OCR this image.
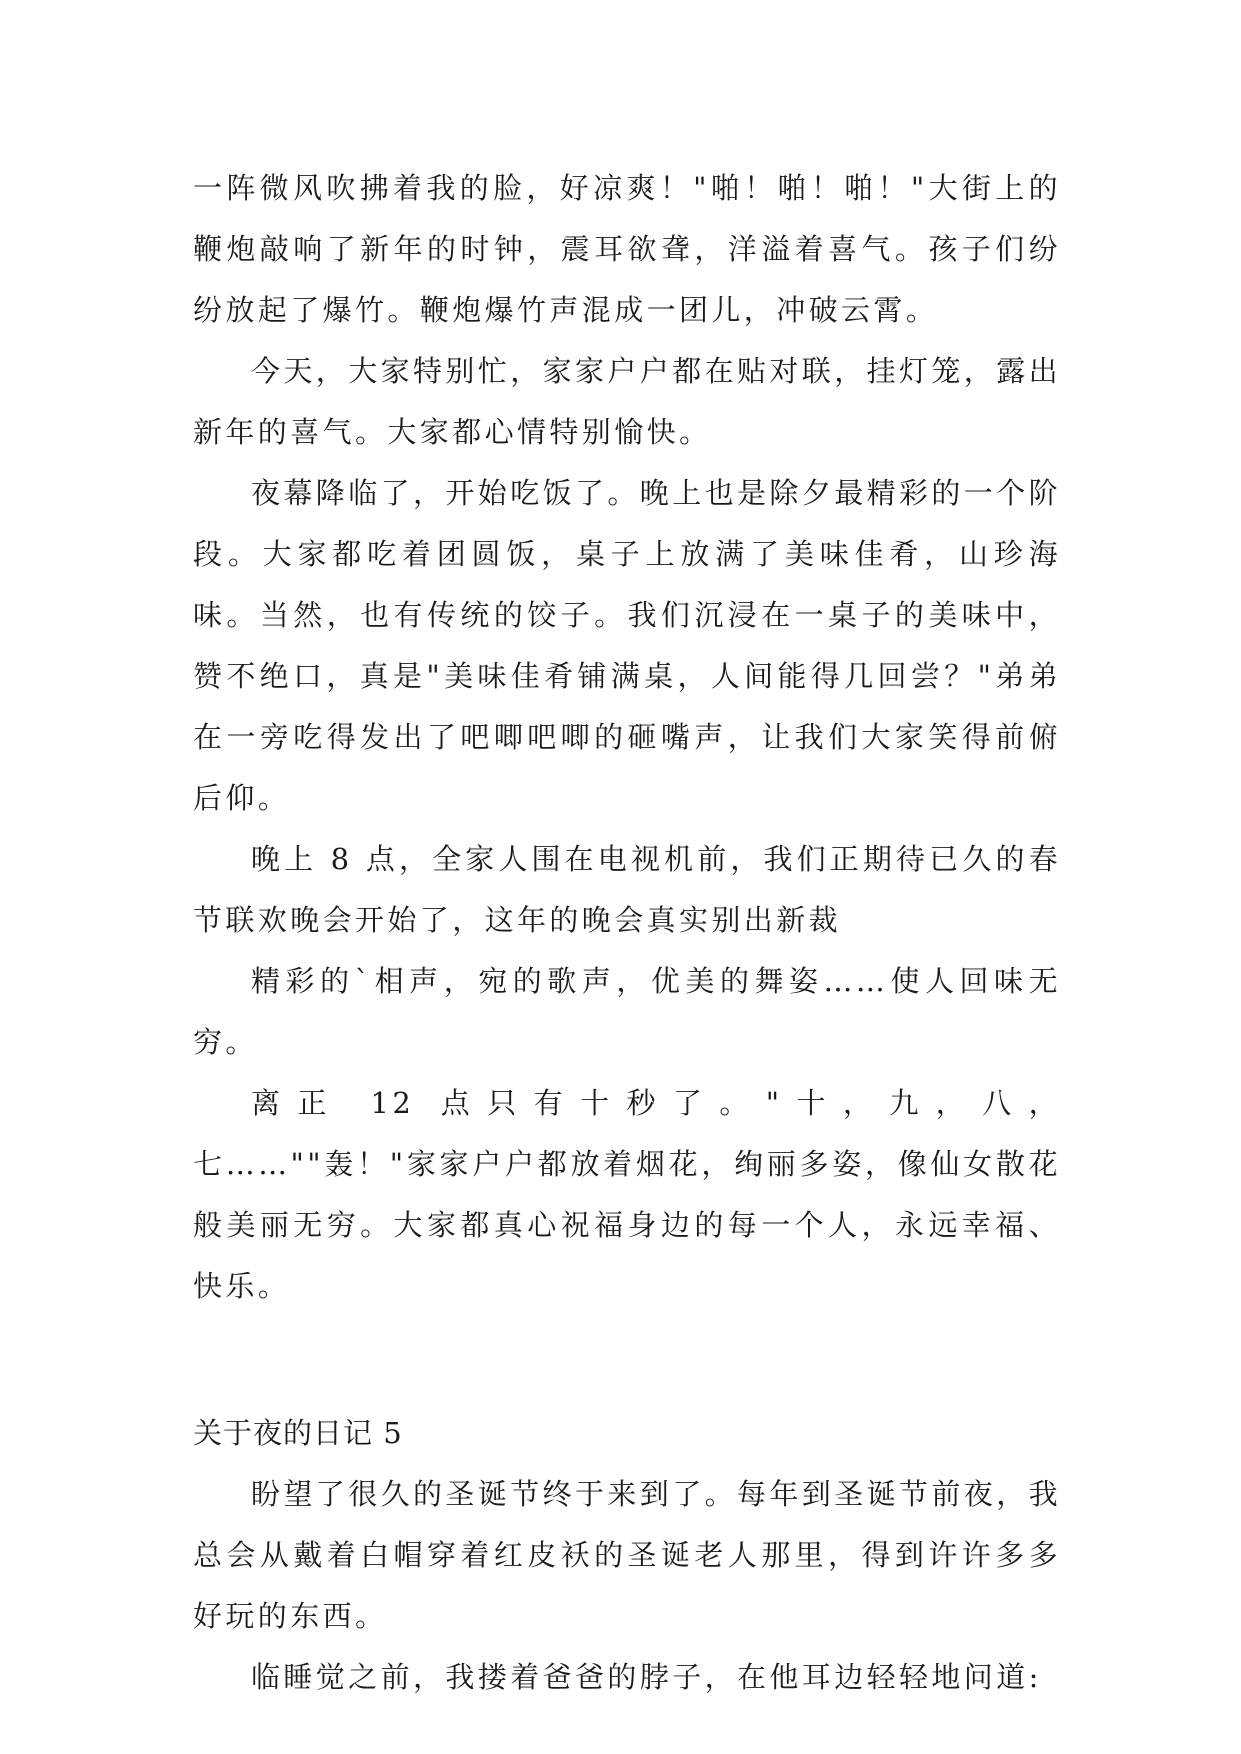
一阵微风吹拂着我的脸，好凉爽！"啪！啪！啪！"大街上的鞭炮敲响了新年的时钟，震耳欲聋，洋溢着喜气。孩子们纷纷放起了爆竹。鞭炮爆竹声混成一团儿，冲破云霄。

今天，大家特别忙，家家户户都在贴对联，挂灯笼，露出新年的喜气。大家都心情特别愉快。

夜幕降临了，开始吃饭了。晚上也是除夕最精彩的一个阶段。大家都吃着团圆饭，桌子上放满了美味佳肴，山珍海味。当然，也有传统的饺子。我们沉浸在一桌子的美味中，赞不绝口，真是"美味佳肴铺满桌，人间能得几回尝？"弟弟在一旁吃得发出了吧唧吧唧的砸嘴声，让我们大家笑得前俯后仰。

晚上 8 点，全家人围在电视机前，我们正期待已久的春节联欢晚会开始了，这年的晚会真实别出新裁

精彩的`相声，宛的歌声，优美的舞姿……使人回味无穷。

离正 12 点只有十秒了。"十，九，八，七……""轰！"家家户户都放着烟花，绚丽多姿，像仙女散花般美丽无穷。大家都真心祝福身边的每一个人，永远幸福、快乐。

关于夜的日记 5

盼望了很久的圣诞节终于来到了。每年到圣诞节前夜，我总会从戴着白帽穿着红皮袄的圣诞老人那里，得到许许多多好玩的东西。

临睡觉之前，我搂着爸爸的脖子，在他耳边轻轻地问道:
